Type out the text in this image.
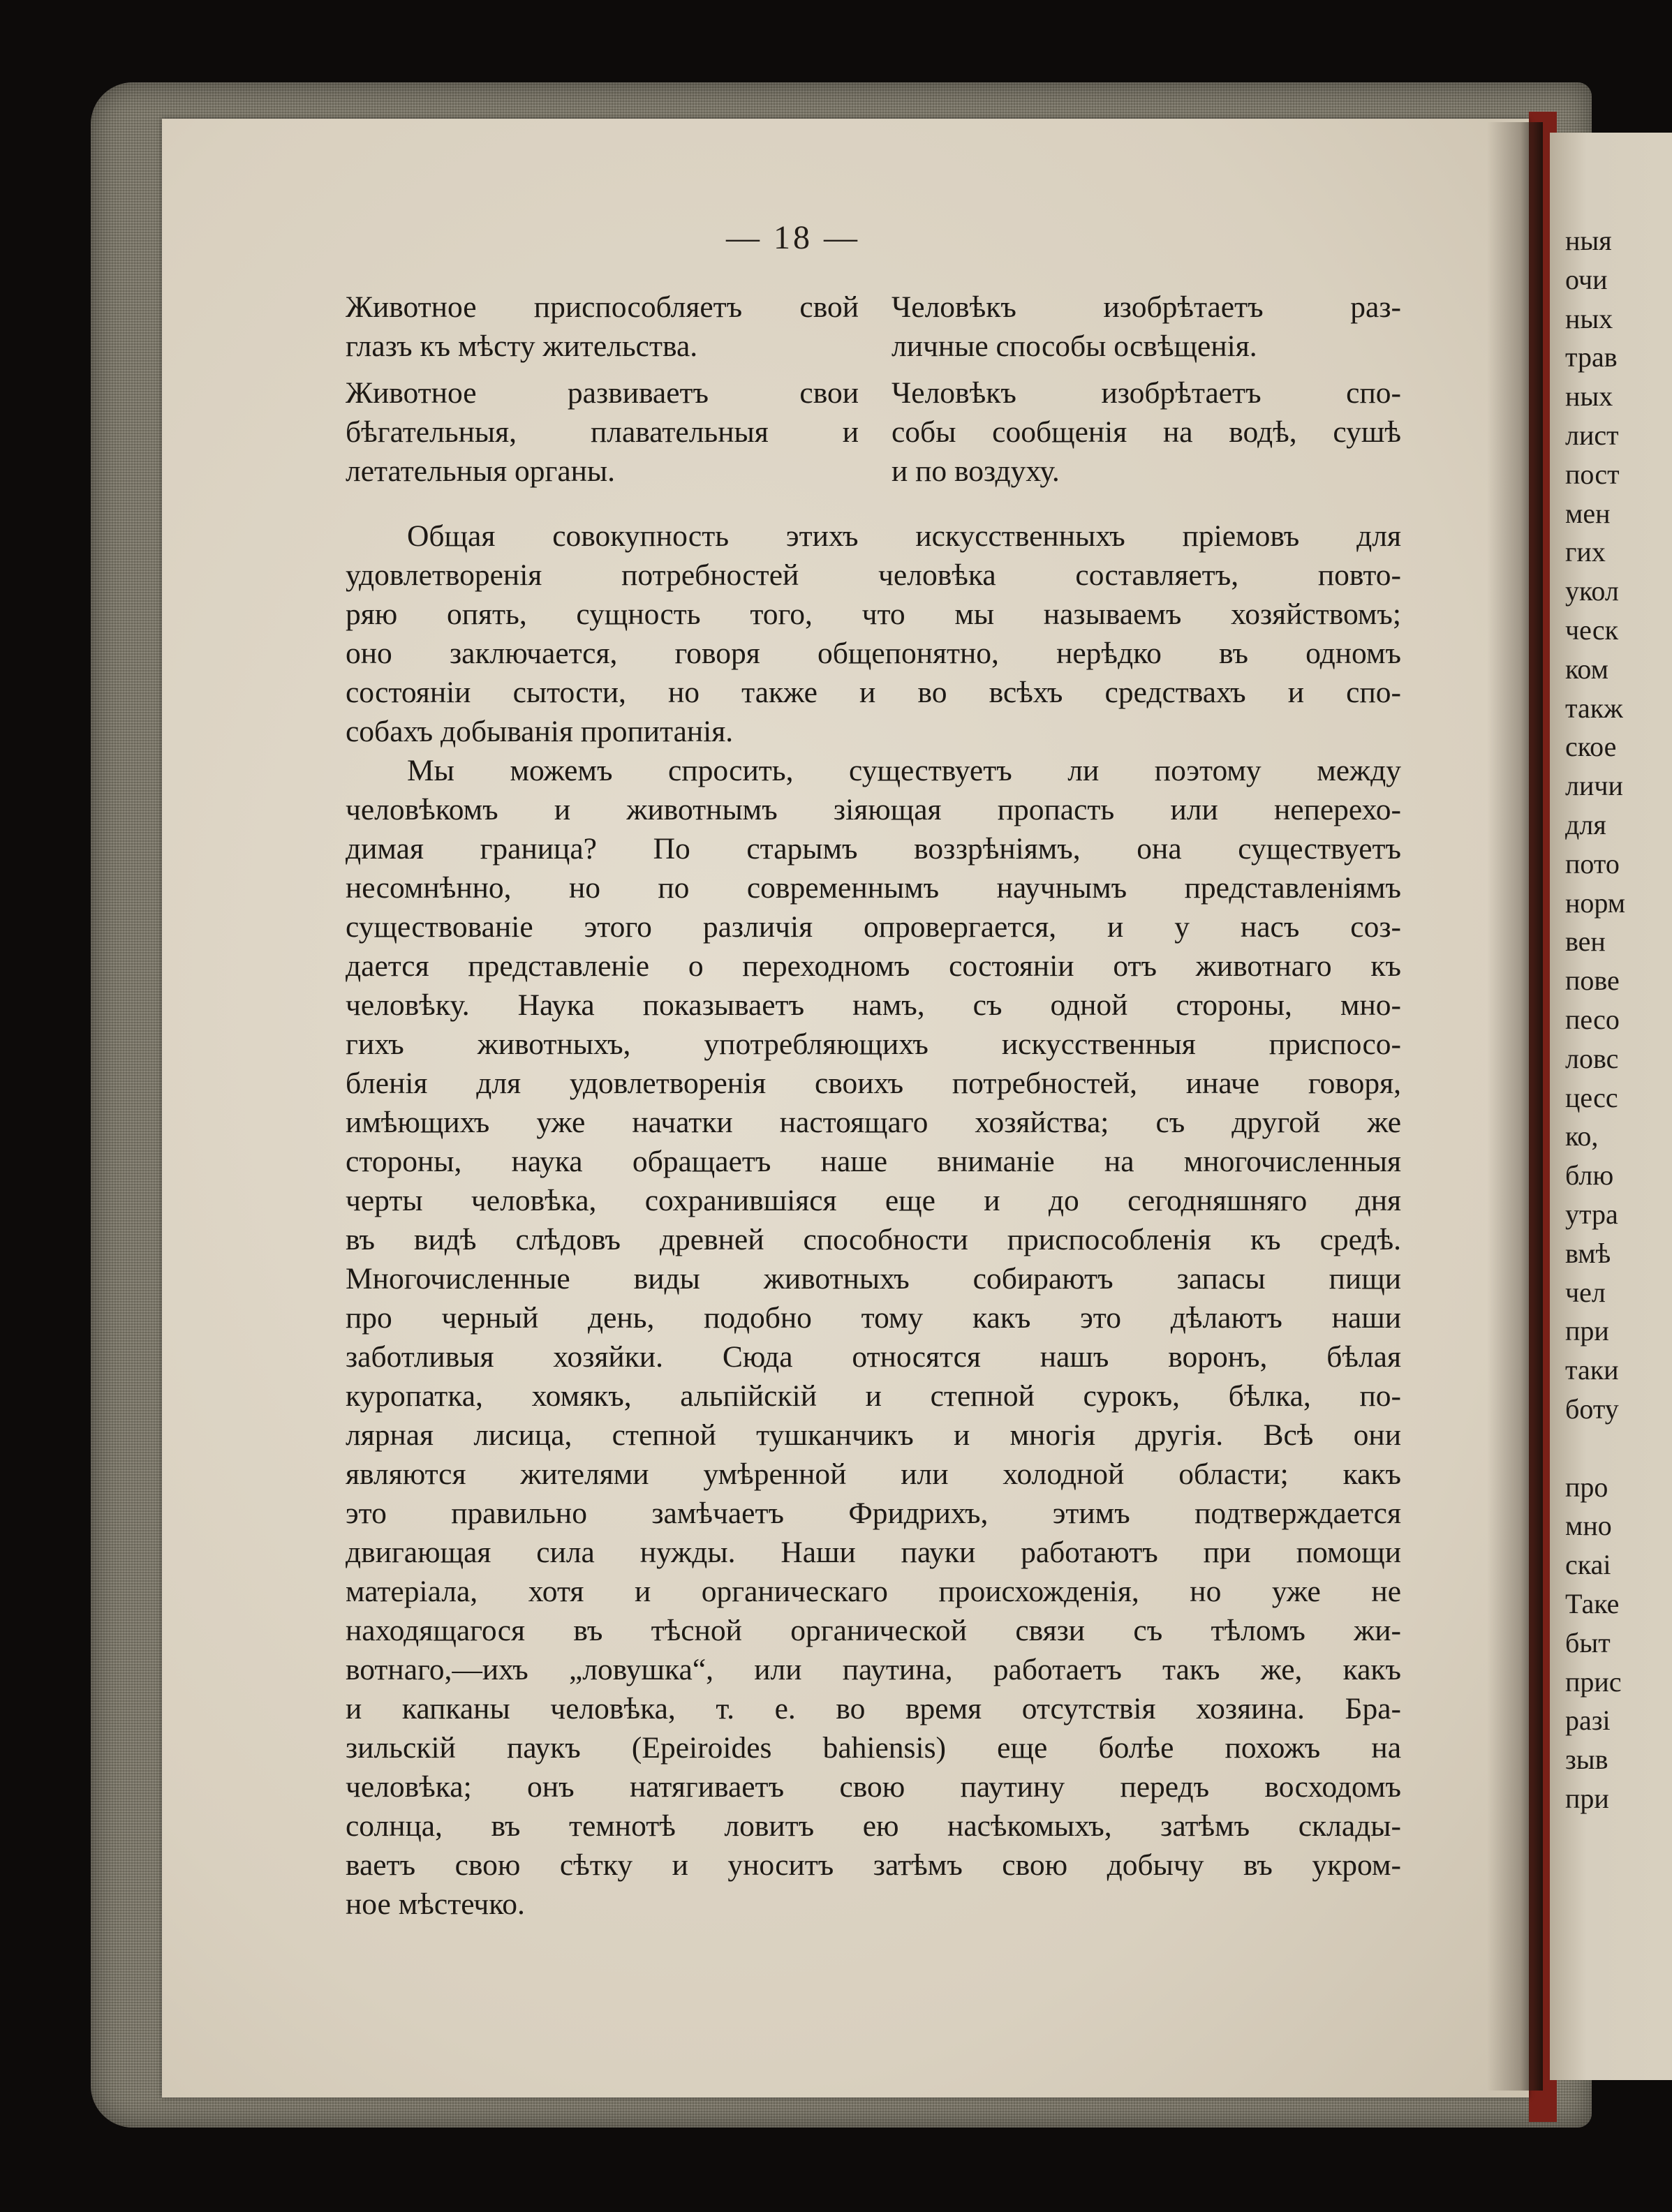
ныя
очи
ных
трав
ных
лист
пост
мен
гих
укол
ческ
ком
такж
ское
личи
для
пото
норм
вен
пове
песо
ловс
цесс
ко,
блю
утра
вмѣ
чел
при
таки
боту
про
мно
скаі
Таке
быт
прис
разі
зыв
при
— 18 —
Животное приспособляетъ свой
глазъ къ мѣсту жительства.
Животное развиваетъ свои
бѣгательныя, плавательныя и
летательныя органы.
Человѣкъ изобрѣтаетъ раз-
личные способы освѣщенія.
Человѣкъ изобрѣтаетъ спо-
собы сообщенія на водѣ, сушѣ
и по воздуху.
Общая совокупность этихъ искусственныхъ пріемовъ для
удовлетворенія потребностей человѣка составляетъ, повто-
ряю опять, сущность того, что мы называемъ хозяйствомъ;
оно заключается, говоря общепонятно, нерѣдко въ одномъ
состояніи сытости, но также и во всѣхъ средствахъ и спо-
собахъ добыванія пропитанія.
Мы можемъ спросить, существуетъ ли поэтому между
человѣкомъ и животнымъ зіяющая пропасть или неперехо-
димая граница? По старымъ воззрѣніямъ, она существуетъ
несомнѣнно, но по современнымъ научнымъ представленіямъ
существованіе этого различія опровергается, и у насъ соз-
дается представленіе о переходномъ состояніи отъ животнаго къ
человѣку. Наука показываетъ намъ, съ одной стороны, мно-
гихъ животныхъ, употребляющихъ искусственныя приспосо-
бленія для удовлетворенія своихъ потребностей, иначе говоря,
имѣющихъ уже начатки настоящаго хозяйства; съ другой же
стороны, наука обращаетъ наше вниманіе на многочисленныя
черты человѣка, сохранившіяся еще и до сегодняшняго дня
въ видѣ слѣдовъ древней способности приспособленія къ средѣ.
Многочисленные виды животныхъ собираютъ запасы пищи
про черный день, подобно тому какъ это дѣлаютъ наши
заботливыя хозяйки. Сюда относятся нашъ воронъ, бѣлая
куропатка, хомякъ, альпійскій и степной сурокъ, бѣлка, по-
лярная лисица, степной тушканчикъ и многія другія. Всѣ они
являются жителями умѣренной или холодной области; какъ
это правильно замѣчаетъ Фридрихъ, этимъ подтверждается
двигающая сила нужды. Наши пауки работаютъ при помощи
матеріала, хотя и органическаго происхожденія, но уже не
находящагося въ тѣсной органической связи съ тѣломъ жи-
вотнаго,—ихъ „ловушка“, или паутина, работаетъ такъ же, какъ
и капканы человѣка, т. е. во время отсутствія хозяина. Бра-
зильскій паукъ (Epeiroides bahiensis) еще болѣе похожъ на
человѣка; онъ натягиваетъ свою паутину передъ восходомъ
солнца, въ темнотѣ ловитъ ею насѣкомыхъ, затѣмъ склады-
ваетъ свою сѣтку и уноситъ затѣмъ свою добычу въ укром-
ное мѣстечко.
